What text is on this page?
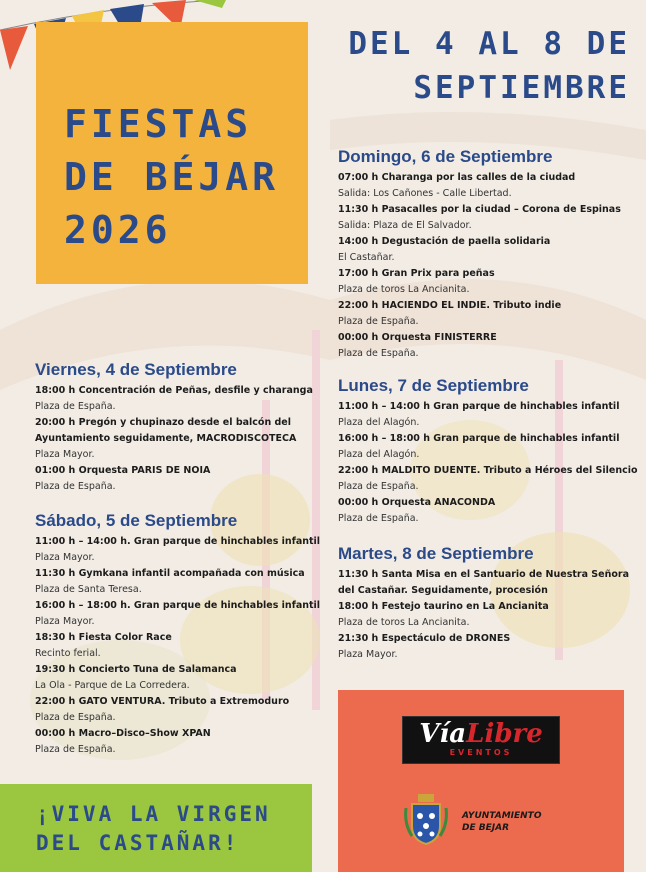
FIESTAS
DE BÉJAR
2026
DEL 4 AL 8 DE
SEPTIEMBRE
Viernes, 4 de Septiembre
18:00 h Concentración de Peñas, desfile y charanga
Plaza de España.
20:00 h Pregón y chupinazo desde el balcón del
Ayuntamiento seguidamente, MACRODISCOTECA
Plaza Mayor.
01:00 h Orquesta PARIS DE NOIA
Plaza de España.
Sábado, 5 de Septiembre
11:00 h – 14:00 h. Gran parque de hinchables infantil
Plaza Mayor.
11:30 h Gymkana infantil acompañada con música
Plaza de Santa Teresa.
16:00 h – 18:00 h. Gran parque de hinchables infantil
Plaza Mayor.
18:30 h Fiesta Color Race
Recinto ferial.
19:30 h Concierto Tuna de Salamanca
La Ola - Parque de La Corredera.
22:00 h GATO VENTURA. Tributo a Extremoduro
Plaza de España.
00:00 h Macro–Disco–Show XPAN
Plaza de España.
Domingo, 6 de Septiembre
07:00 h Charanga por las calles de la ciudad
Salida: Los Cañones - Calle Libertad.
11:30 h Pasacalles por la ciudad – Corona de Espinas
Salida: Plaza de El Salvador.
14:00 h Degustación de paella solidaria
El Castañar.
17:00 h Gran Prix para peñas
Plaza de toros La Ancianita.
22:00 h HACIENDO EL INDIE. Tributo indie
Plaza de España.
00:00 h Orquesta FINISTERRE
Plaza de España.
Lunes, 7 de Septiembre
11:00 h – 14:00 h Gran parque de hinchables infantil
Plaza del Alagón.
16:00 h – 18:00 h Gran parque de hinchables infantil
Plaza del Alagón.
22:00 h MALDITO DUENTE. Tributo a Héroes del Silencio
Plaza de España.
00:00 h Orquesta ANACONDA
Plaza de España.
Martes, 8 de Septiembre
11:30 h Santa Misa en el Santuario de Nuestra Señora
del Castañar. Seguidamente, procesión
18:00 h Festejo taurino en La Ancianita
Plaza de toros La Ancianita.
21:30 h Espectáculo de DRONES
Plaza Mayor.
¡VIVA LA VIRGEN
DEL CASTAÑAR!
VíaLibre
EVENTOS
AYUNTAMIENTO
DE BEJAR
